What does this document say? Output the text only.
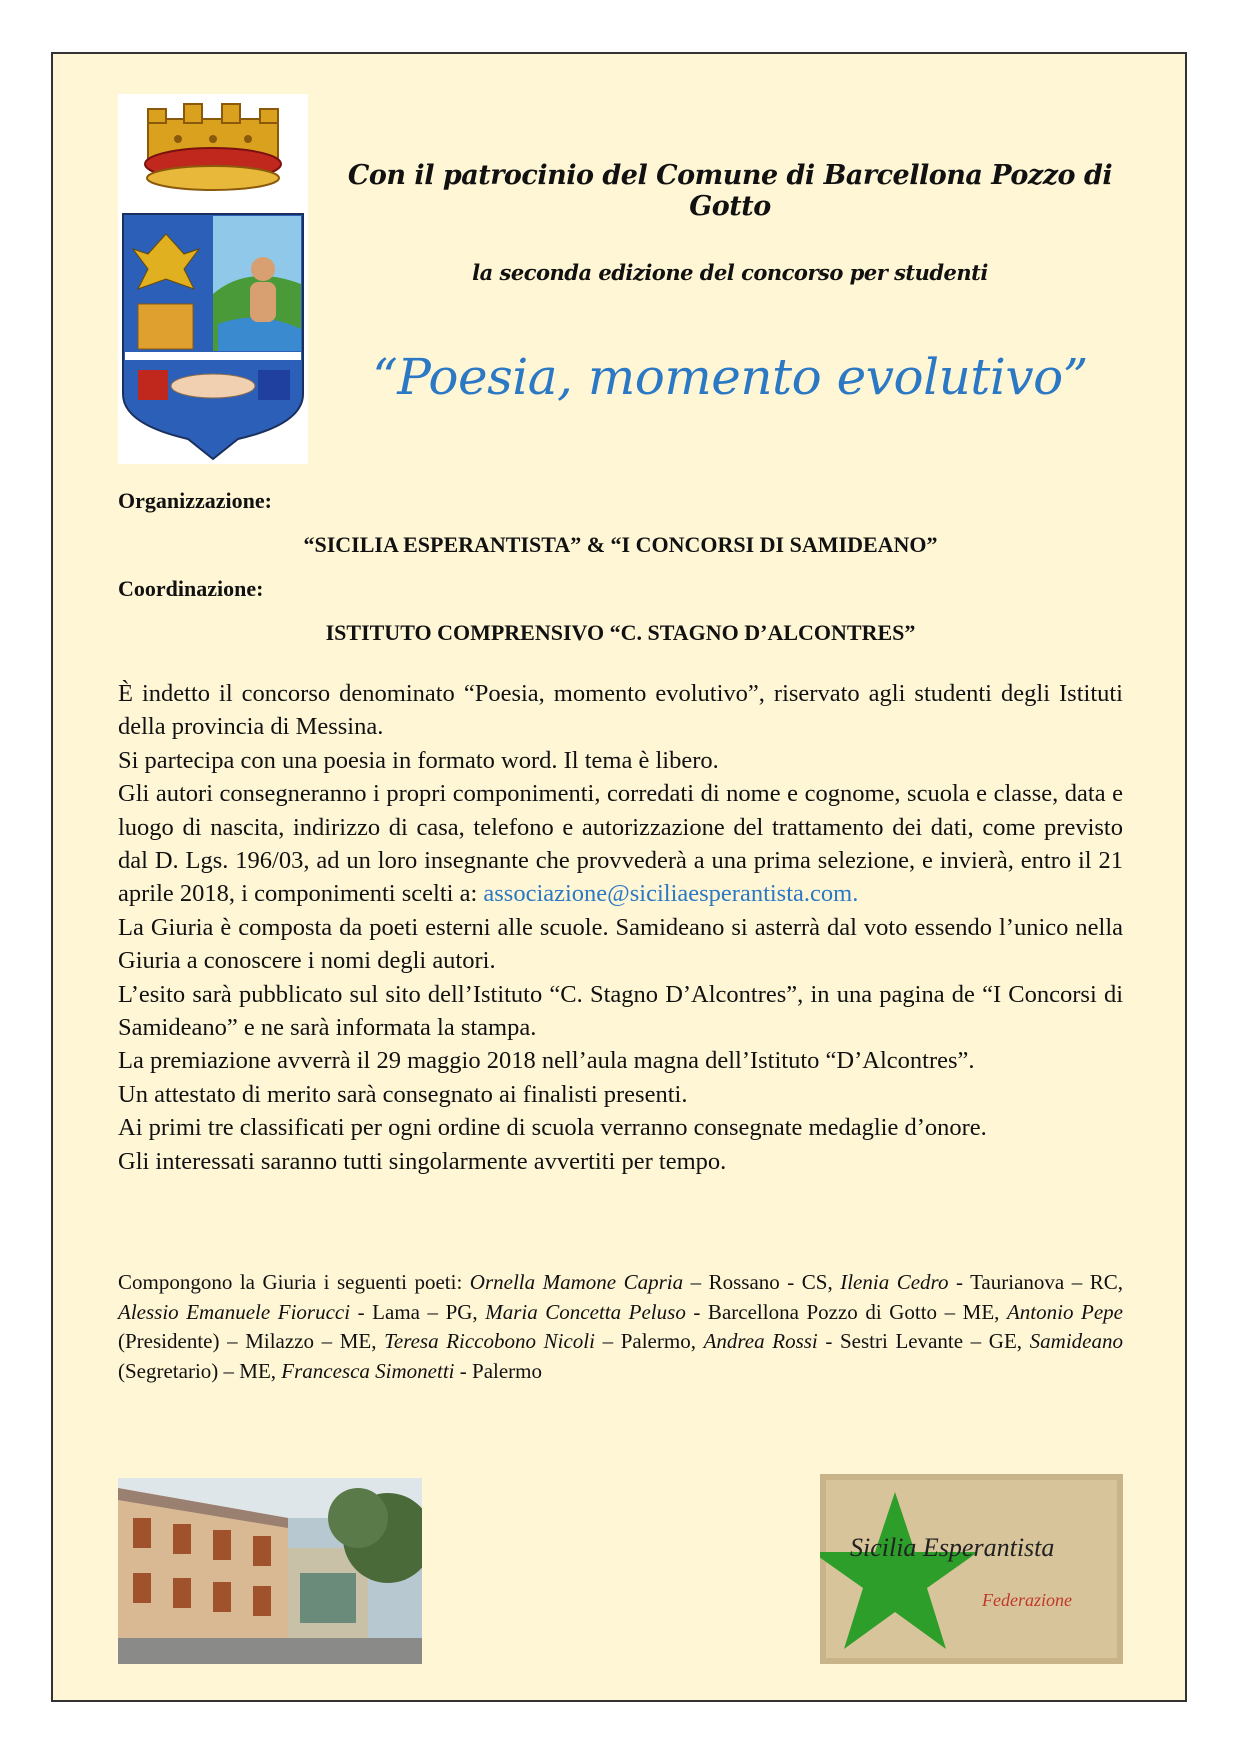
Con il patrocinio del Comune di Barcellona Pozzo di Gotto
la seconda edizione del concorso per studenti
“Poesia, momento evolutivo”
Organizzazione:
“SICILIA ESPERANTISTA” & “I CONCORSI DI SAMIDEANO”
Coordinazione:
ISTITUTO COMPRENSIVO “C. STAGNO D’ALCONTRES”

È indetto il concorso denominato “Poesia, momento evolutivo”, riservato agli studenti degli Istituti della provincia di Messina.

Si partecipa con una poesia in formato word. Il tema è libero.

Gli autori consegneranno i propri componimenti, corredati di nome e cognome, scuola e classe, data e luogo di nascita, indirizzo di casa, telefono e autorizzazione del trattamento dei dati, come previsto dal D. Lgs. 196/03, ad un loro insegnante che provvederà a una prima selezione, e invierà, entro il 21 aprile 2018, i componimenti scelti a: associazione@siciliaesperantista.com.

La Giuria è composta da poeti esterni alle scuole. Samideano si asterrà dal voto essendo l’unico nella Giuria a conoscere i nomi degli autori.

L’esito sarà pubblicato sul sito dell’Istituto “C. Stagno D’Alcontres”, in una pagina de “I Concorsi di Samideano” e ne sarà informata la stampa.

La premiazione avverrà il 29 maggio 2018 nell’aula magna dell’Istituto “D’Alcontres”.

Un attestato di merito sarà consegnato ai finalisti presenti.

Ai primi tre classificati per ogni ordine di scuola verranno consegnate medaglie d’onore.

Gli interessati saranno tutti singolarmente avvertiti per tempo.

Compongono la Giuria i seguenti poeti: Ornella Mamone Capria – Rossano - CS, Ilenia Cedro - Taurianova – RC, Alessio Emanuele Fiorucci - Lama – PG, Maria Concetta Peluso - Barcellona Pozzo di Gotto – ME, Antonio Pepe (Presidente) – Milazzo – ME, Teresa Riccobono Nicoli – Palermo, Andrea Rossi - Sestri Levante – GE, Samideano (Segretario) – ME, Francesca Simonetti - Palermo

Sicilia Esperantista
Federazione
